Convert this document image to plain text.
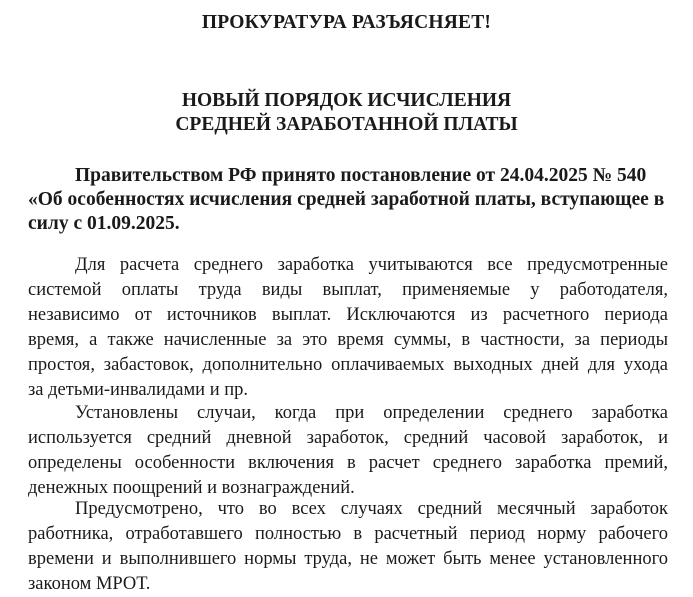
ПРОКУРАТУРА РАЗЪЯСНЯЕТ!
НОВЫЙ ПОРЯДОК ИСЧИСЛЕНИЯ
СРЕДНЕЙ ЗАРАБОТАННОЙ ПЛАТЫ
Правительством РФ принято постановление от 24.04.2025 № 540
«Об особенностях исчисления средней заработной платы, вступающее в
силу с 01.09.2025.
Для расчета среднего заработка учитываются все предусмотренные
системой оплаты труда виды выплат, применяемые у работодателя,
независимо от источников выплат. Исключаются из расчетного периода
время, а также начисленные за это время суммы, в частности, за периоды
простоя, забастовок, дополнительно оплачиваемых выходных дней для ухода
за детьми-инвалидами и пр.
Установлены случаи, когда при определении среднего заработка
используется средний дневной заработок, средний часовой заработок, и
определены особенности включения в расчет среднего заработка премий,
денежных поощрений и вознаграждений.
Предусмотрено, что во всех случаях средний месячный заработок
работника, отработавшего полностью в расчетный период норму рабочего
времени и выполнившего нормы труда, не может быть менее установленного
законом МРОТ.
